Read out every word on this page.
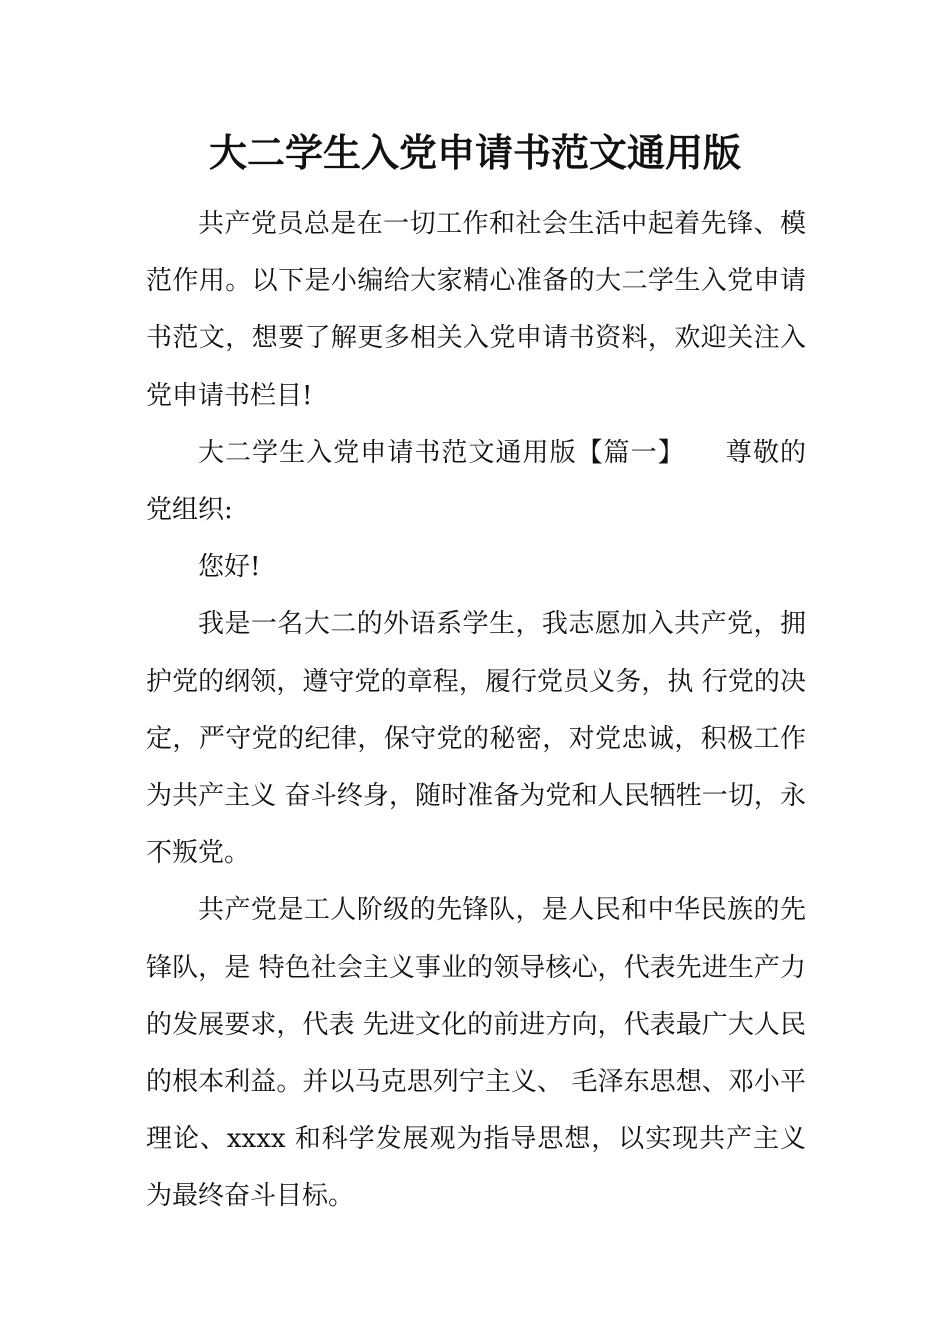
大二学生入党申请书范文通用版

共产党员总是在一切工作和社会生活中起着先锋、模范作用。以下是小编给大家精心准备的大二学生入党申请书范文，想要了解更多相关入党申请书资料，欢迎关注入党申请书栏目!

大二学生入党申请书范文通用版【篇一】　　尊敬的党组织:

您好!

我是一名大二的外语系学生，我志愿加入共产党，拥护党的纲领，遵守党的章程，履行党员义务，执 行党的决定，严守党的纪律，保守党的秘密，对党忠诚，积极工作为共产主义 奋斗终身，随时准备为党和人民牺牲一切，永不叛党。

共产党是工人阶级的先锋队，是人民和中华民族的先锋队，是 特色社会主义事业的领导核心，代表先进生产力的发展要求，代表 先进文化的前进方向，代表最广大人民的根本利益。并以马克思列宁主义、 毛泽东思想、邓小平理论、xxxx 和科学发展观为指导思想，以实现共产主义为最终奋斗目标。
